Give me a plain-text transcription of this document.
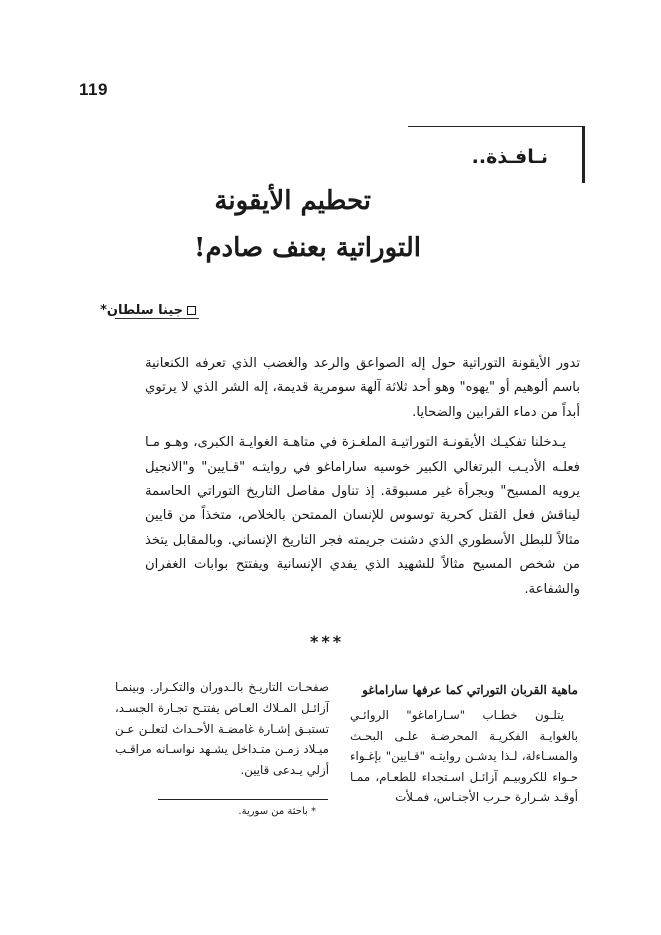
119
نـافـذة..
تحطيم الأيقونة
التوراتية بعنف صادم!
جينا سلطان*

تدور الأيقونة التوراتية حول إله الصواعق والرعد والغضب الذي تعرفه الكنعانية باسم ألوهيم أو "يهوه" وهو أحد ثلاثة آلهة سومرية قديمة، إله الشر الذي لا يرتوي أبداً من دماء القرابين والضحايا.

يـدخلنا تفكيـك الأيقونـة التوراتيـة الملغـزة في متاهـة الغوايـة الكبرى، وهـو مـا فعلـه الأديـب البرتغالي الكبير خوسيه ساراماغو في روايتـه "قـايين" و"الانجيل يرويه المسيح" وبجرأة غير مسبوقة. إذ تناول مفاصل التاريخ التوراتي الحاسمة ليناقش فعل القتل كحرية توسوس للإنسان الممتحن بالخلاص، متخذاً من قايين مثالاً للبطل الأسطوري الذي دشنت جريمته فجر التاريخ الإنساني. وبالمقابل يتخذ من شخص المسيح مثالاً للشهيد الذي يفدي الإنسانية ويفتتح بوابات الغفران والشفاعة.

***
ماهية القربان التوراتي كما عرفها ساراماغو

يتلـون خطـاب "سـاراماغو" الروائـي بالغوايـة الفكريـة المحرضـة علـى البحـث والمسـاءلة، لـذا يدشـن روايتـه "قـايين" بإغـواء حـواء للكروبيـم آزائـل اسـتجداء للطعـام، ممـا أوقـد شـرارة حـرب الأجنـاس، فمـلأت

صفحـات التاريـخ بالـدوران والتكـرار. وبينمـا آزائـل المـلاك العـاص يفتتـح تجـارة الجسـد، تستبـق إشـارة غامضـة الأحـداث لتعلـن عـن ميـلاد زمـن متـداخل يشـهد نواسـانه مراقـب أزلي يـدعى قايين.

* باحثة من سورية.
